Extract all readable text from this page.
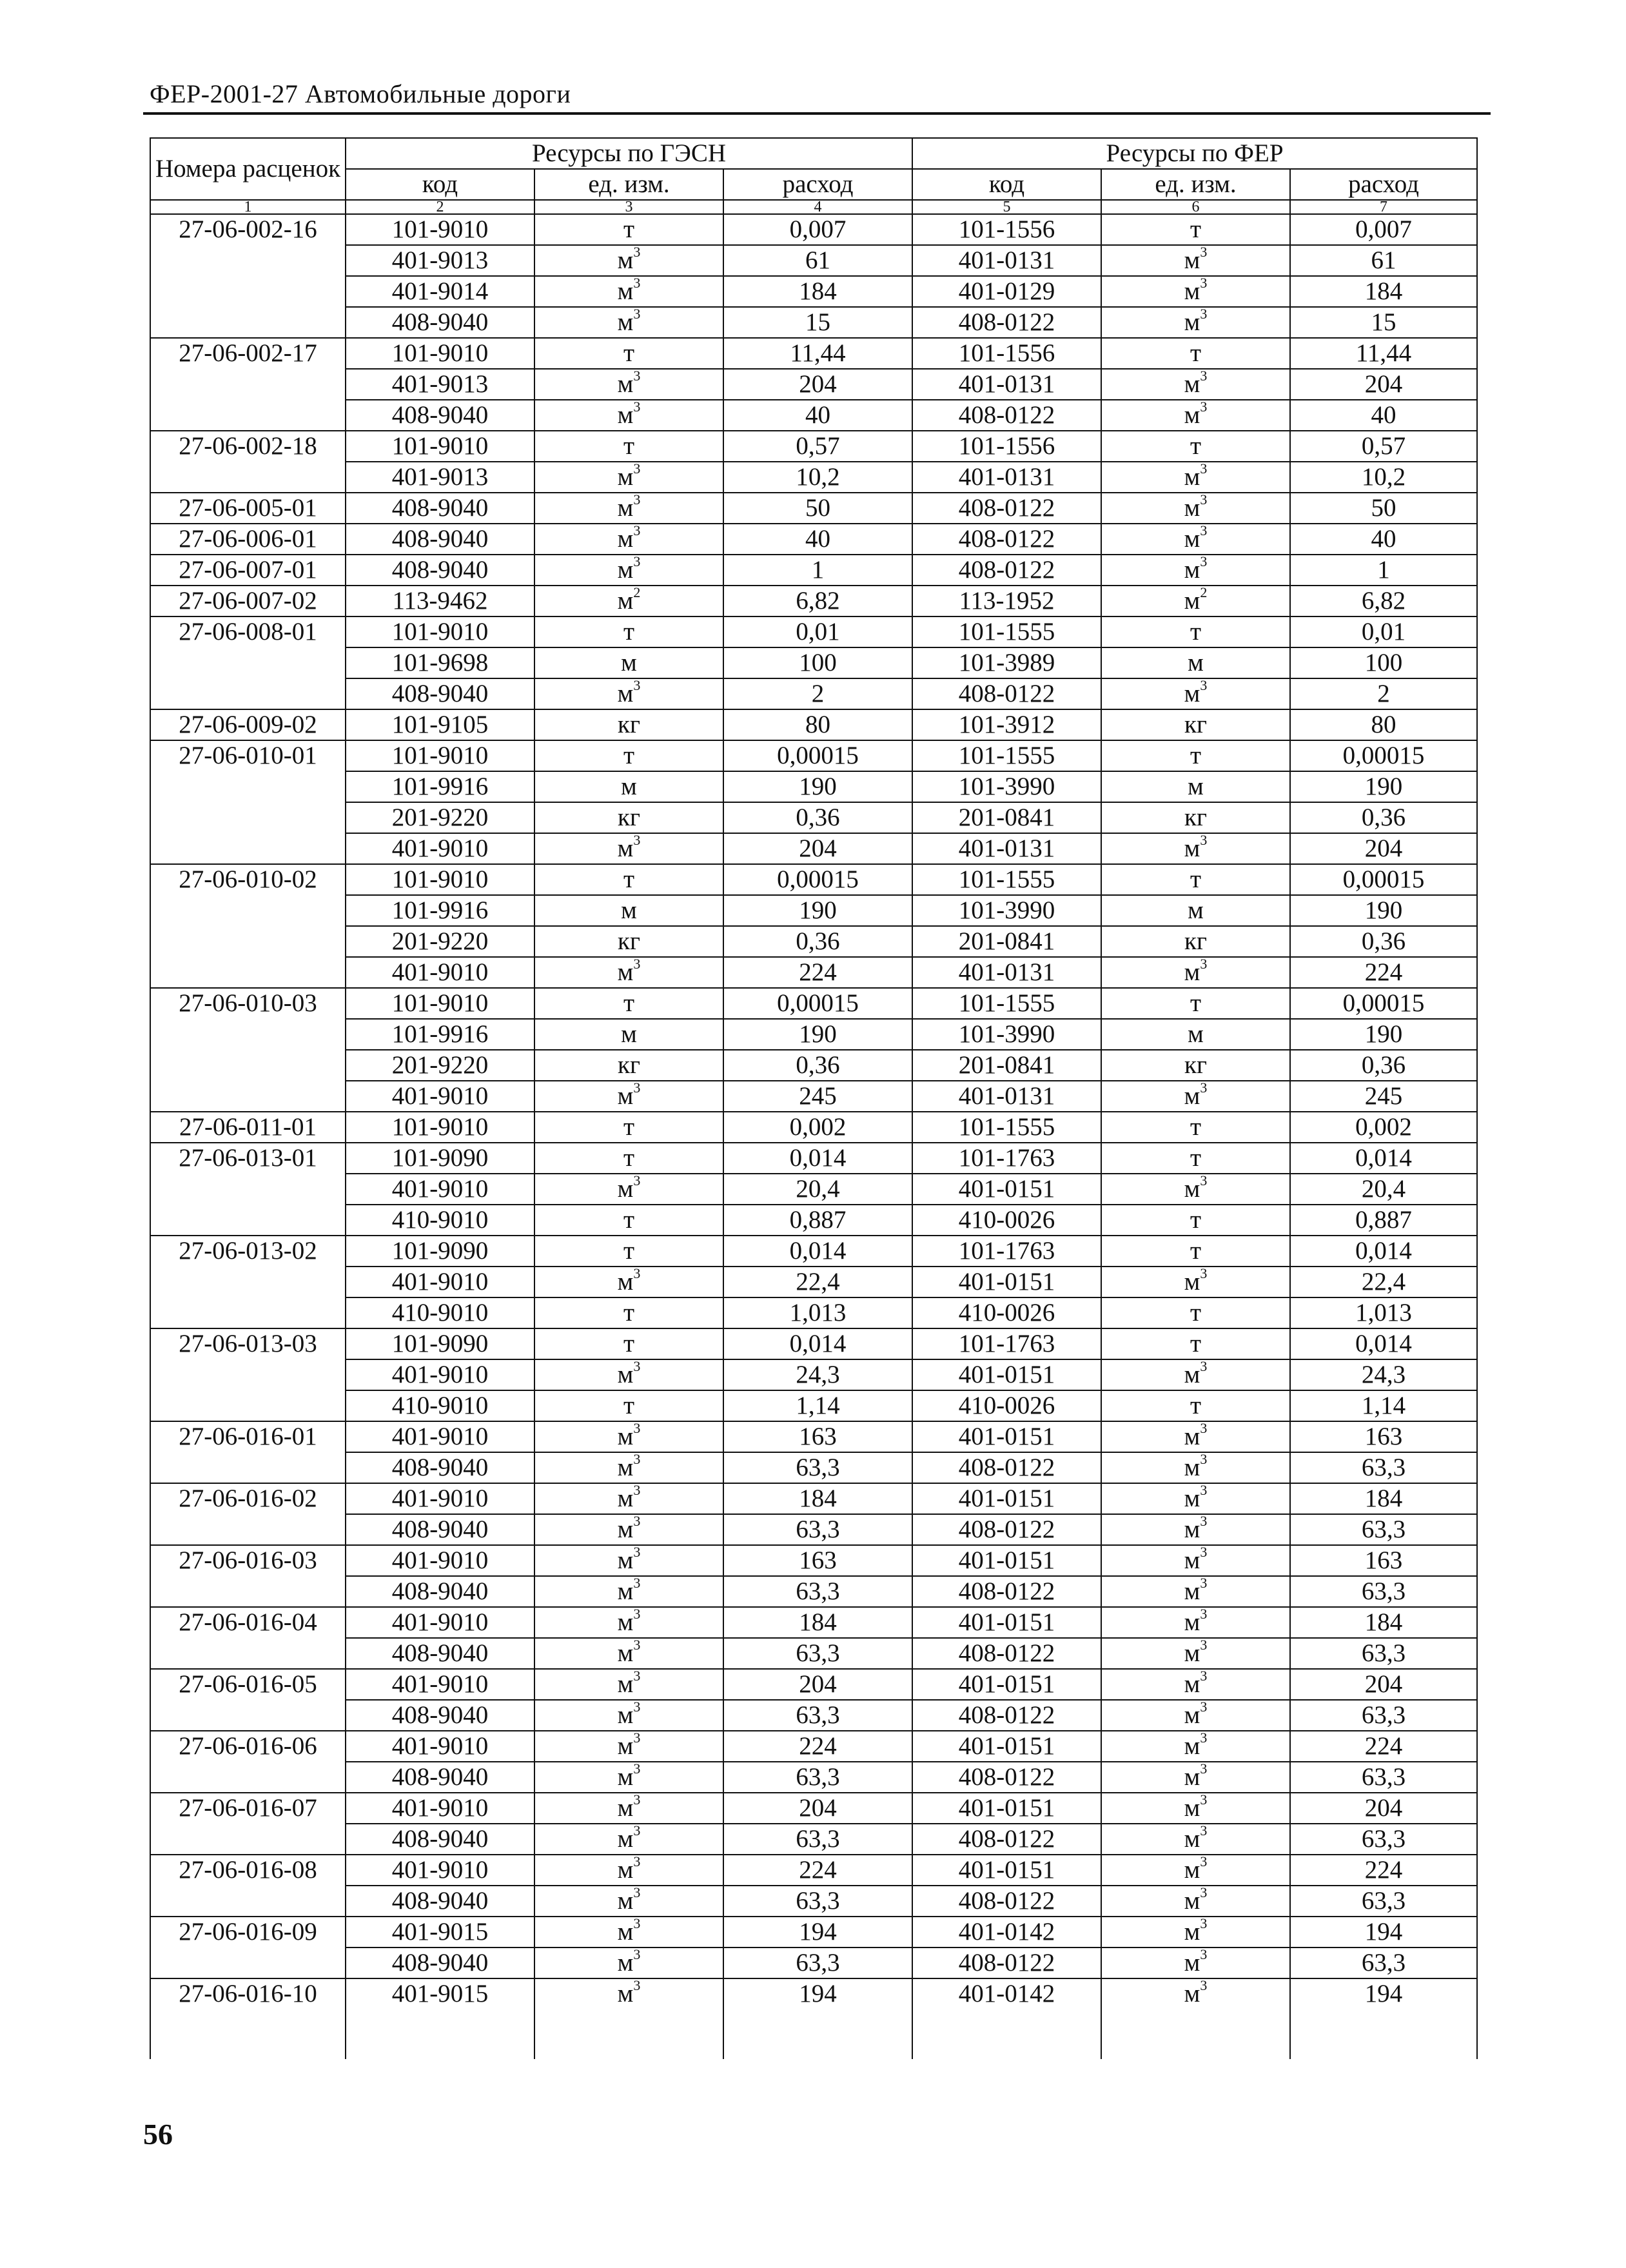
ФЕР-2001-27 Автомобильные дороги
Номера расценок	Ресурсы по ГЭСН			Ресурсы по ФЕР		
	код	ед. изм.	расход	код	ед. изм.	расход
1	2	3	4	5	6	7
27-06-002-16	101-9010	т	0,007	101-1556	т	0,007
	401-9013	$м^3$	61	401-0131	$м^3$	61
	401-9014	$м^3$	184	401-0129	$м^3$	184
	408-9040	$м^3$	15	408-0122	$м^3$	15
27-06-002-17	101-9010	т	11,44	101-1556	т	11,44
	401-9013	$м^3$	204	401-0131	$м^3$	204
	408-9040	$м^3$	40	408-0122	$м^3$	40
27-06-002-18	101-9010	т	0,57	101-1556	т	0,57
	401-9013	$м^3$	10,2	401-0131	$м^3$	10,2
27-06-005-01	408-9040	$м^3$	50	408-0122	$м^3$	50
27-06-006-01	408-9040	$м^3$	40	408-0122	$м^3$	40
27-06-007-01	408-9040	$м^3$	1	408-0122	$м^3$	1
27-06-007-02	113-9462	$м^2$	6,82	113-1952	$м^2$	6,82
27-06-008-01	101-9010	т	0,01	101-1555	т	0,01
	101-9698	м	100	101-3989	м	100
	408-9040	$м^3$	2	408-0122	$м^3$	2
27-06-009-02	101-9105	кг	80	101-3912	кг	80
27-06-010-01	101-9010	т	0,00015	101-1555	т	0,00015
	101-9916	м	190	101-3990	м	190
	201-9220	кг	0,36	201-0841	кг	0,36
	401-9010	$м^3$	204	401-0131	$м^3$	204
27-06-010-02	101-9010	т	0,00015	101-1555	т	0,00015
	101-9916	м	190	101-3990	м	190
	201-9220	кг	0,36	201-0841	кг	0,36
	401-9010	$м^3$	224	401-0131	$м^3$	224
27-06-010-03	101-9010	т	0,00015	101-1555	т	0,00015
	101-9916	м	190	101-3990	м	190
	201-9220	кг	0,36	201-0841	кг	0,36
	401-9010	$м^3$	245	401-0131	$м^3$	245
27-06-011-01	101-9010	т	0,002	101-1555	т	0,002
27-06-013-01	101-9090	т	0,014	101-1763	т	0,014
	401-9010	$м^3$	20,4	401-0151	$м^3$	20,4
	410-9010	т	0,887	410-0026	т	0,887
27-06-013-02	101-9090	т	0,014	101-1763	т	0,014
	401-9010	$м^3$	22,4	401-0151	$м^3$	22,4
	410-9010	т	1,013	410-0026	т	1,013
27-06-013-03	101-9090	т	0,014	101-1763	т	0,014
	401-9010	$м^3$	24,3	401-0151	$м^3$	24,3
	410-9010	т	1,14	410-0026	т	1,14
27-06-016-01	401-9010	$м^3$	163	401-0151	$м^3$	163
	408-9040	$м^3$	63,3	408-0122	$м^3$	63,3
27-06-016-02	401-9010	$м^3$	184	401-0151	$м^3$	184
	408-9040	$м^3$	63,3	408-0122	$м^3$	63,3
27-06-016-03	401-9010	$м^3$	163	401-0151	$м^3$	163
	408-9040	$м^3$	63,3	408-0122	$м^3$	63,3
27-06-016-04	401-9010	$м^3$	184	401-0151	$м^3$	184
	408-9040	$м^3$	63,3	408-0122	$м^3$	63,3
27-06-016-05	401-9010	$м^3$	204	401-0151	$м^3$	204
	408-9040	$м^3$	63,3	408-0122	$м^3$	63,3
27-06-016-06	401-9010	$м^3$	224	401-0151	$м^3$	224
	408-9040	$м^3$	63,3	408-0122	$м^3$	63,3
27-06-016-07	401-9010	$м^3$	204	401-0151	$м^3$	204
	408-9040	$м^3$	63,3	408-0122	$м^3$	63,3
27-06-016-08	401-9010	$м^3$	224	401-0151	$м^3$	224
	408-9040	$м^3$	63,3	408-0122	$м^3$	63,3
27-06-016-09	401-9015	$м^3$	194	401-0142	$м^3$	194
	408-9040	$м^3$	63,3	408-0122	$м^3$	63,3
27-06-016-10	401-9015	$м^3$	194	401-0142	$м^3$	194

56
